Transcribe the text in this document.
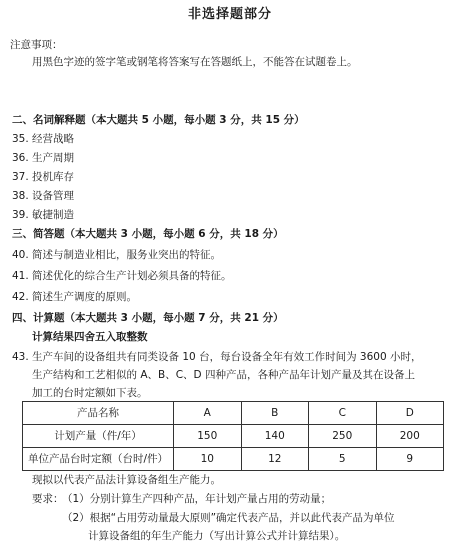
非选择题部分
注意事项：
用黑色字迹的签字笔或钢笔将答案写在答题纸上，不能答在试题卷上。
二、名词解释题（本大题共 5 小题，每小题 3 分，共 15 分）
35. 经营战略
36. 生产周期
37. 投机库存
38. 设备管理
39. 敏捷制造
三、简答题（本大题共 3 小题，每小题 6 分，共 18 分）
40. 简述与制造业相比，服务业突出的特征。
41. 简述优化的综合生产计划必须具备的特征。
42. 简述生产调度的原则。
四、计算题（本大题共 3 小题，每小题 7 分，共 21 分）
计算结果四舍五入取整数
43. 生产车间的设备组共有同类设备 10 台，每台设备全年有效工作时间为 3600 小时，
生产结构和工艺相似的 A、B、C、D 四种产品，各种产品年计划产量及其在设备上
加工的台时定额如下表。
产品名称	A	B	C	D
计划产量（件/年）	150	140	250	200
单位产品台时定额（台时/件）	10	12	5	9
现拟以代表产品法计算设备组生产能力。
要求：
（1）分别计算生产四种产品，年计划产量占用的劳动量；
（2）根据“占用劳动量最大原则”确定代表产品，并以此代表产品为单位
计算设备组的年生产能力（写出计算公式并计算结果）。
